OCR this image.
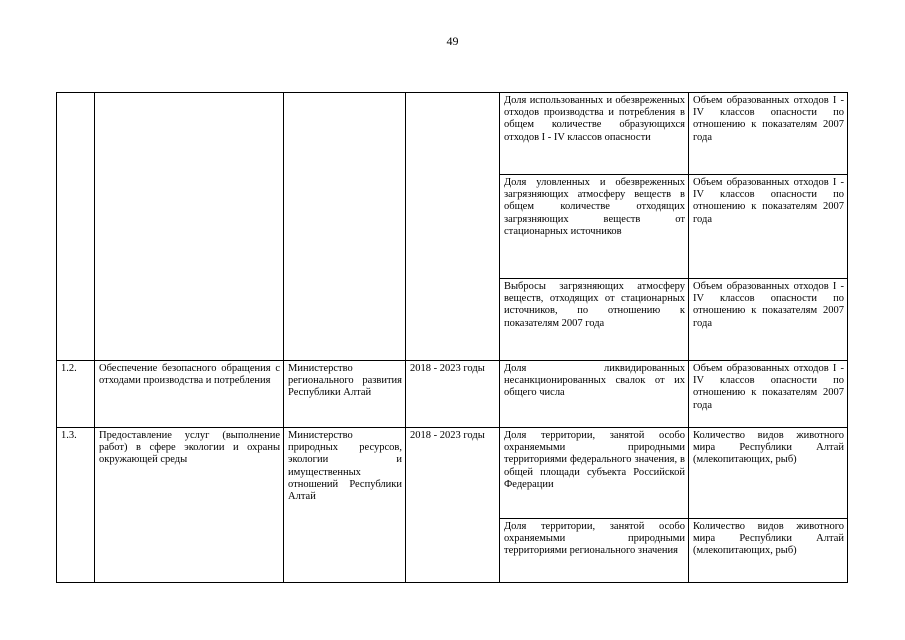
49
				Доля использованных и обезвреженных отходов производства и потребления в общем количестве образующихся отходов I - IV классов опасности	Объем образованных отходов I - IV классов опасности по отношению к показателям 2007 года
				Доля уловленных и обезвреженных загрязняющих атмосферу веществ в общем количестве отходящих загрязняющих веществ от стационарных источников	Объем образованных отходов I - IV классов опасности по отношению к показателям 2007 года
				Выбросы загрязняющих атмосферу веществ, отходящих от стационарных источников, по отношению к показателям 2007 года	Объем образованных отходов I - IV классов опасности по отношению к показателям 2007 года
1.2.	Обеспечение безопасного обращения с отходами производства и потребления	Министерство регионального развития Республики Алтай	2018 - 2023 годы	Доля ликвидированных несанкционированных свалок от их общего числа	Объем образованных отходов I - IV классов опасности по отношению к показателям 2007 года
1.3.	Предоставление услуг (выполнение работ) в сфере экологии и охраны окружающей среды	Министерство природных ресурсов, экологии и имущественных отношений Республики Алтай	2018 - 2023 годы	Доля территории, занятой особо охраняемыми природными территориями федерального значения, в общей площади субъекта Российской Федерации	Количество видов животного мира Республики Алтай (млекопитающих, рыб)
				Доля территории, занятой особо охраняемыми природными территориями регионального значения	Количество видов животного мира Республики Алтай (млекопитающих, рыб)
